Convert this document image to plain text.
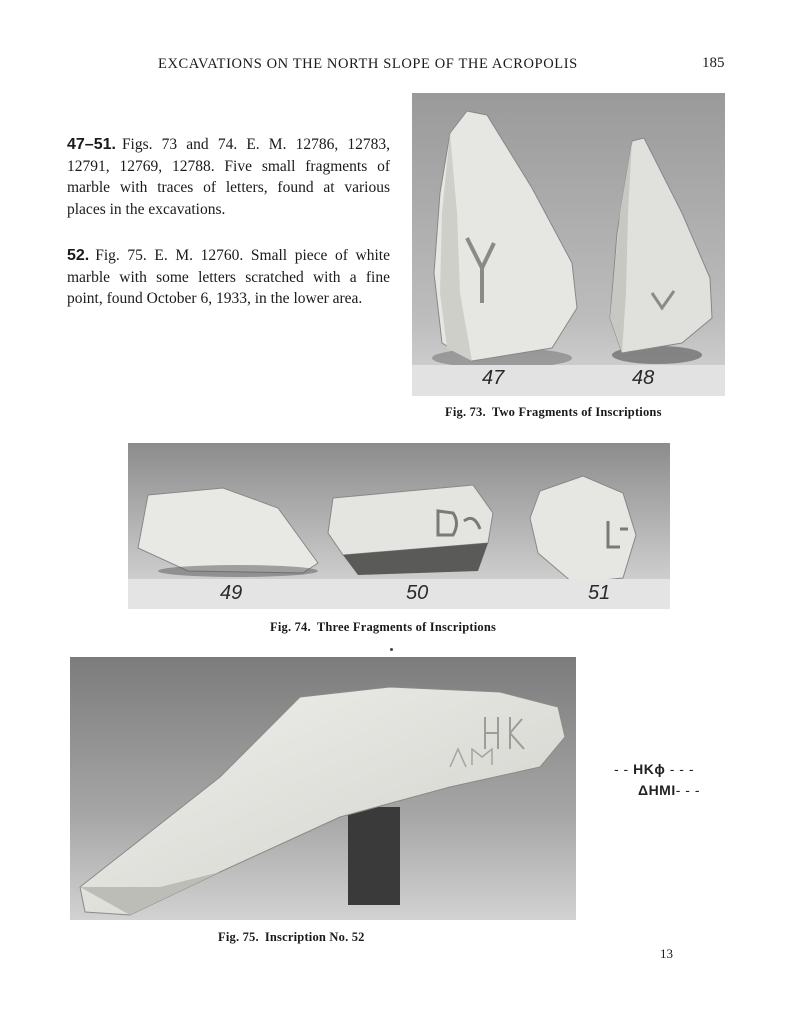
EXCAVATIONS ON THE NORTH SLOPE OF THE ACROPOLIS	185
47–51. Figs. 73 and 74. E. M. 12786, 12783, 12791, 12769, 12788. Five small fragments of marble with traces of letters, found at various places in the excavations.
52. Fig. 75. E. M. 12760. Small piece of white marble with some letters scratched with a fine point, found October 6, 1933, in the lower area.
47	48
Fig. 73. Two Fragments of Inscriptions
49	50	51
Fig. 74. Three Fragments of Inscriptions
Fig. 75. Inscription No. 52
- - ΗΚϕ - - -
ΔΗΜΙ- - -
13
